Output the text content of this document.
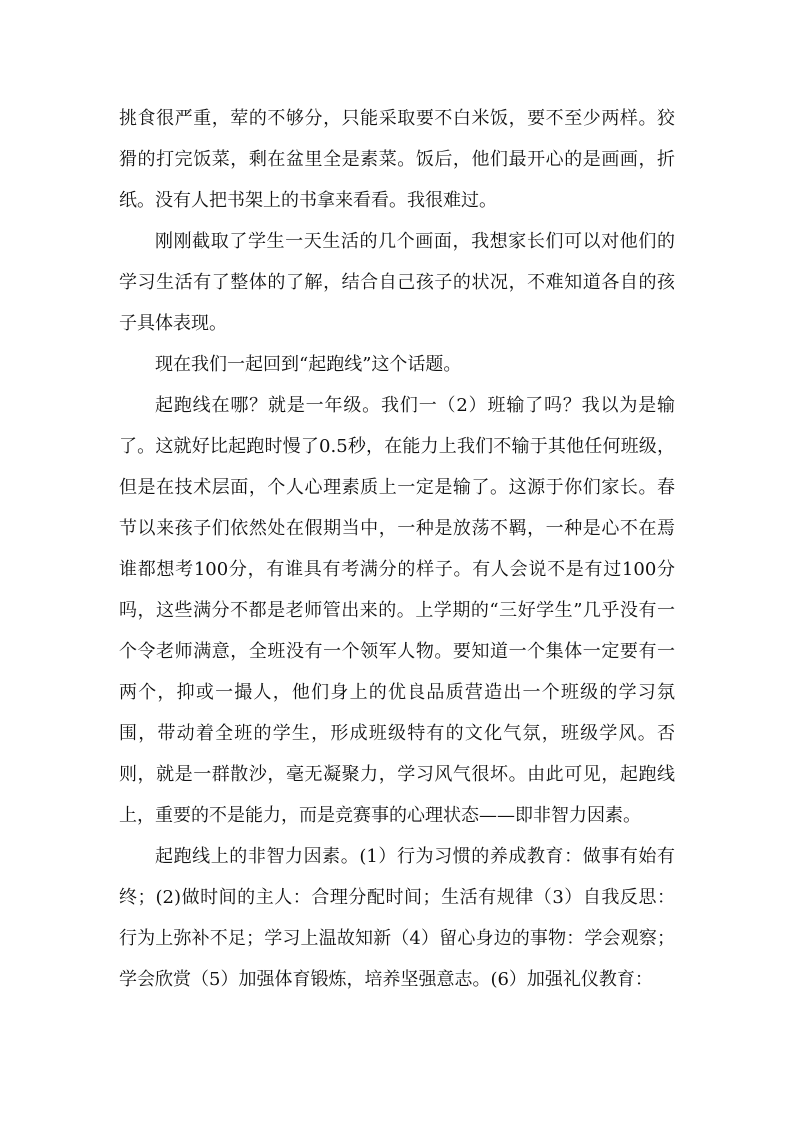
挑食很严重，荤的不够分，只能采取要不白米饭，要不至少两样。狡猾的打完饭菜，剩在盆里全是素菜。饭后，他们最开心的是画画，折纸。没有人把书架上的书拿来看看。我很难过。

刚刚截取了学生一天生活的几个画面，我想家长们可以对他们的学习生活有了整体的了解，结合自己孩子的状况，不难知道各自的孩子具体表现。

现在我们一起回到“起跑线”这个话题。

起跑线在哪？就是一年级。我们一（2）班输了吗？我以为是输了。这就好比起跑时慢了0.5秒，在能力上我们不输于其他任何班级，但是在技术层面，个人心理素质上一定是输了。这源于你们家长。春节以来孩子们依然处在假期当中，一种是放荡不羁，一种是心不在焉谁都想考100分，有谁具有考满分的样子。有人会说不是有过100分吗，这些满分不都是老师管出来的。上学期的“三好学生”几乎没有一个令老师满意，全班没有一个领军人物。要知道一个集体一定要有一两个，抑或一撮人，他们身上的优良品质营造出一个班级的学习氛围，带动着全班的学生，形成班级特有的文化气氛，班级学风。否则，就是一群散沙，毫无凝聚力，学习风气很坏。由此可见，起跑线上，重要的不是能力，而是竞赛事的心理状态——即非智力因素。

起跑线上的非智力因素。(1）行为习惯的养成教育：做事有始有终；(2)做时间的主人：合理分配时间；生活有规律（3）自我反思：行为上弥补不足；学习上温故知新（4）留心身边的事物：学会观察；学会欣赏（5）加强体育锻炼，培养坚强意志。(6）加强礼仪教育：
